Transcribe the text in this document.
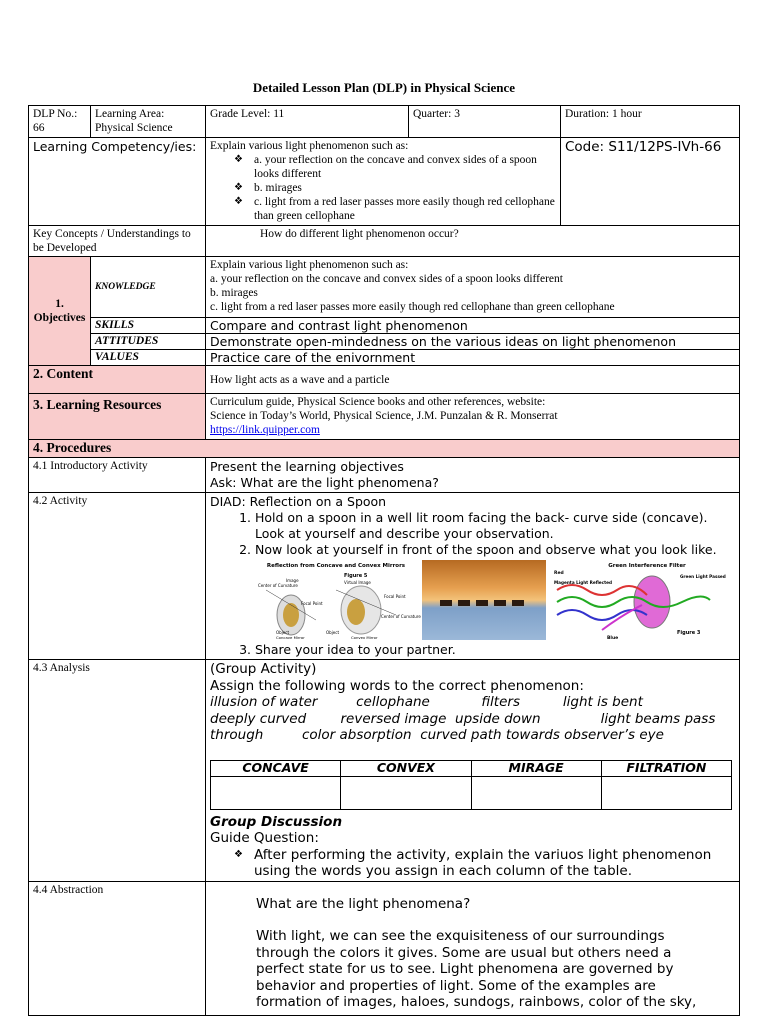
Detailed Lesson Plan (DLP) in Physical Science
DLP No.: 66	Learning Area: Physical Science	Grade Level: 11	Quarter: 3	Duration: 1 hour
Learning Competency/ies:	Explain various light phenomenon such as:
❖ a. your reflection on the concave and convex sides of a spoon looks different
❖ b. mirages
❖ c. light from a red laser passes more easily though red cellophane than green cellophane
	Code: S11/12PS-IVh-66
Key Concepts / Understandings to be Developed	How do different light phenomenon occur?
1. Objectives	KNOWLEDGE	
Explain various light phenomenon such as:
a. your reflection on the concave and convex sides of a spoon looks different
b. mirages
c. light from a red laser passes more easily though red cellophane than green cellophane

SKILLS	Compare and contrast light phenomenon
ATTITUDES	Demonstrate open-mindedness on the various ideas on light phenomenon
VALUES	Practice care of the enivornment
2. Content	How light acts as a wave and a particle
3. Learning Resources	Curriculum guide, Physical Science books and other references, website:
Science in Today’s World, Physical Science, J.M. Punzalan & R. Monserrat
https://link.quipper.com
4. Procedures
4.1 Introductory Activity	Present the learning objectives
Ask: What are the light phenomena?

4.2 Activity	DIAD: Reflection on a Spoon
1. Hold on a spoon in a well lit room facing the back- curve side (concave). Look at yourself and describe your observation.
2. Now look at yourself in front of the spoon and observe what you look like.
Reflection from Concave and Convex Mirrors
Figure 5
Center of Curvature
Image
Focal Point
Object
Virtual Image
Focal Point
Center of Curvature
Object
Concave Mirror	Convex Mirror
Green Interference Filter
Red
Magenta Light Reflected
Green Light Passed
Blue
Figure 3
3. Share your idea to your partner.

4.3 Analysis	(Group Activity)
Assign the following words to the correct phenomenon:
illusion of water         cellophane            filters          light is bent
deeply curved        reversed image  upside down              light beams pass
through         color absorption  curved path towards observer’s eye
CONCAVE	CONVEX	MIRAGE	FILTRATION

Group Discussion
Guide Question:
❖ After performing the activity, explain the variuos light phenomenon using the words you assign in each column of the table.

4.4 Abstraction	
What are the light phenomena?
With light, we can see the exquisiteness of our surroundings through the colors it gives. Some are usual but others need a perfect state for us to see. Light phenomena are governed by behavior and properties of light. Some of the examples are formation of images, haloes, sundogs, rainbows, color of the sky,
